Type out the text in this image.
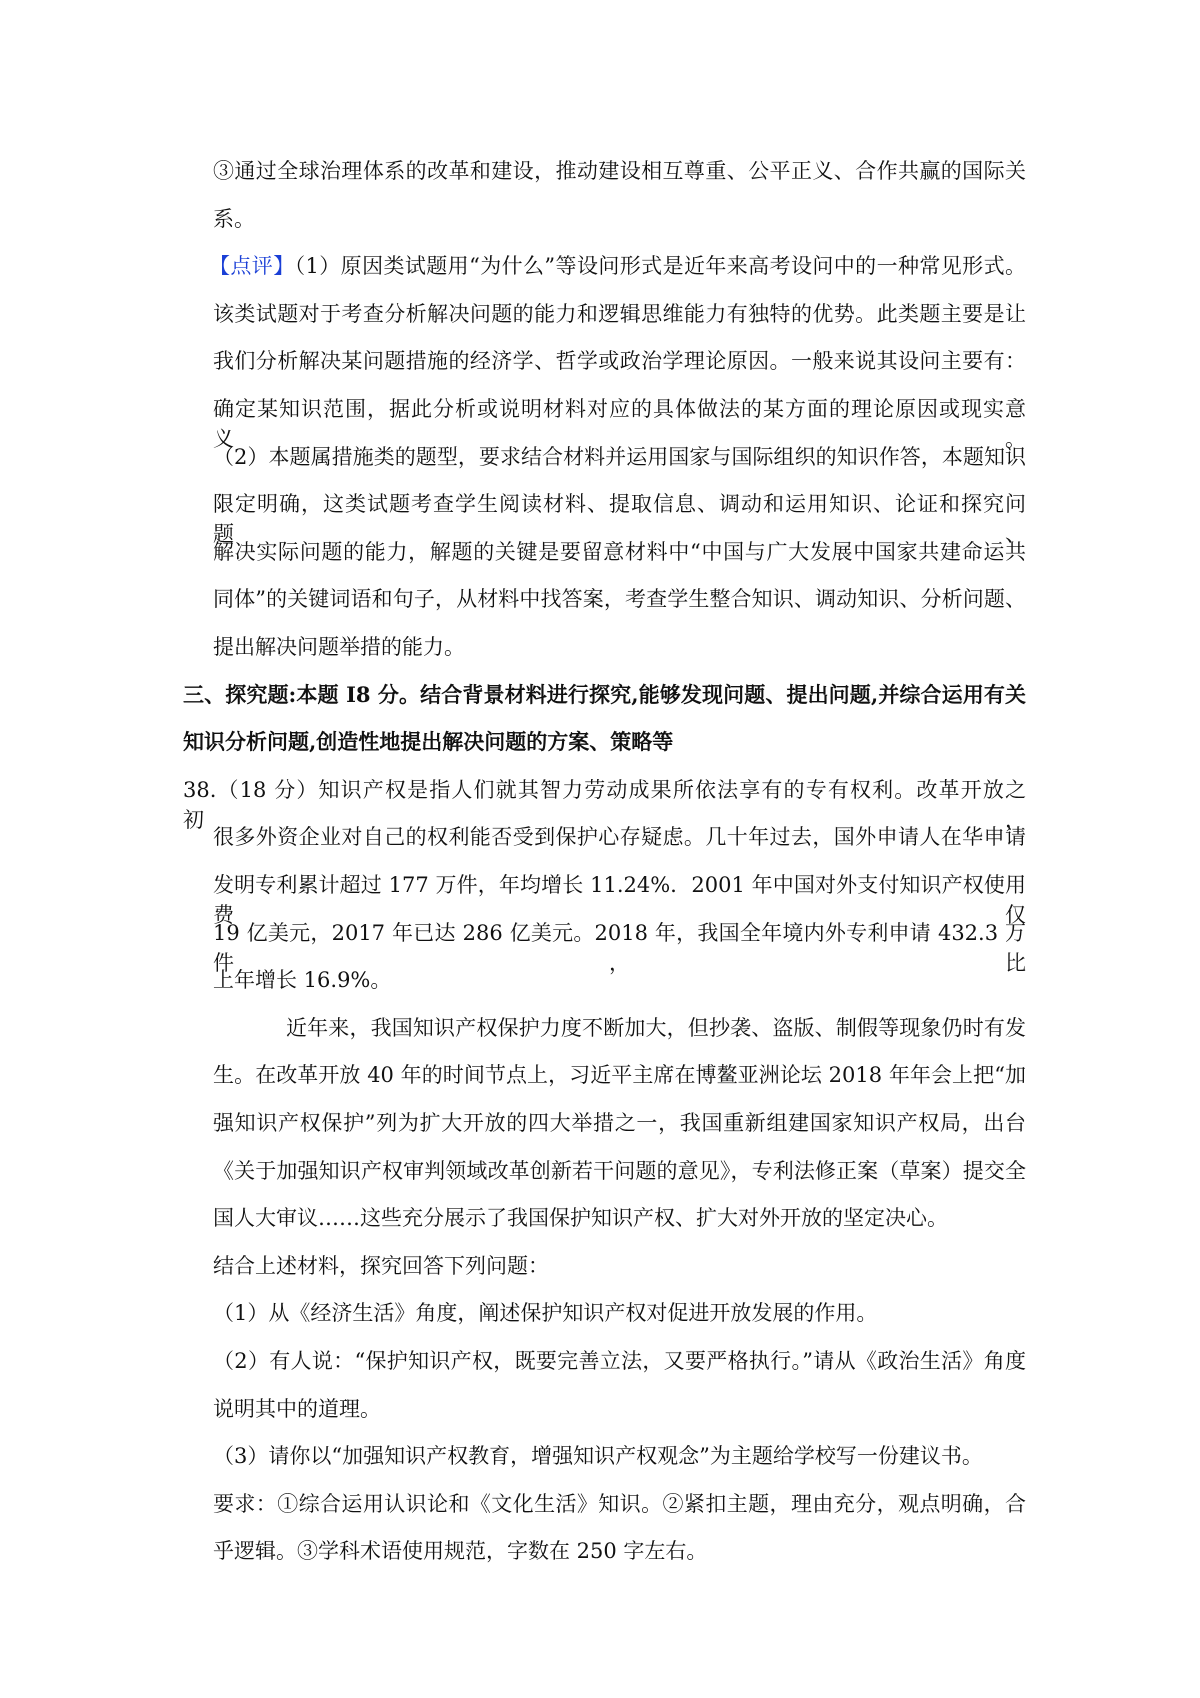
③通过全球治理体系的改革和建设，推动建设相互尊重、公平正义、合作共赢的国际关
系。
【点评】（1）原因类试题用“为什么”等设问形式是近年来高考设问中的一种常见形式。
该类试题对于考查分析解决问题的能力和逻辑思维能力有独特的优势。此类题主要是让
我们分析解决某问题措施的经济学、哲学或政治学理论原因。一般来说其设问主要有：
确定某知识范围，据此分析或说明材料对应的具体做法的某方面的理论原因或现实意义。
（2）本题属措施类的题型，要求结合材料并运用国家与国际组织的知识作答，本题知识
限定明确，这类试题考查学生阅读材料、提取信息、调动和运用知识、论证和探究问题、
解决实际问题的能力，解题的关键是要留意材料中“中国与广大发展中国家共建命运共
同体”的关键词语和句子，从材料中找答案，考查学生整合知识、调动知识、分析问题、
提出解决问题举措的能力。
三、探究题:本题 I8 分。结合背景材料进行探究,能够发现问题、提出问题,并综合运用有关
知识分析问题,创造性地提出解决问题的方案、策略等
38.（18 分）知识产权是指人们就其智力劳动成果所依法享有的专有权利。改革开放之初，
很多外资企业对自己的权利能否受到保护心存疑虑。几十年过去，国外申请人在华申请
发明专利累计超过 177 万件，年均增长 11.24%．2001 年中国对外支付知识产权使用费仅
19 亿美元，2017 年已达 286 亿美元。2018 年，我国全年境内外专利申请 432.3 万件，比
上年增长 16.9%。
近年来，我国知识产权保护力度不断加大，但抄袭、盗版、制假等现象仍时有发
生。在改革开放 40 年的时间节点上，习近平主席在博鳌亚洲论坛 2018 年年会上把“加
强知识产权保护”列为扩大开放的四大举措之一，我国重新组建国家知识产权局，出台
《关于加强知识产权审判领域改革创新若干问题的意见》，专利法修正案（草案）提交全
国人大审议……这些充分展示了我国保护知识产权、扩大对外开放的坚定决心。
结合上述材料，探究回答下列问题：
（1）从《经济生活》角度，阐述保护知识产权对促进开放发展的作用。
（2）有人说：“保护知识产权，既要完善立法，又要严格执行。”请从《政治生活》角度
说明其中的道理。
（3）请你以“加强知识产权教育，增强知识产权观念”为主题给学校写一份建议书。
要求：①综合运用认识论和《文化生活》知识。②紧扣主题，理由充分，观点明确，合
乎逻辑。③学科术语使用规范，字数在 250 字左右。
